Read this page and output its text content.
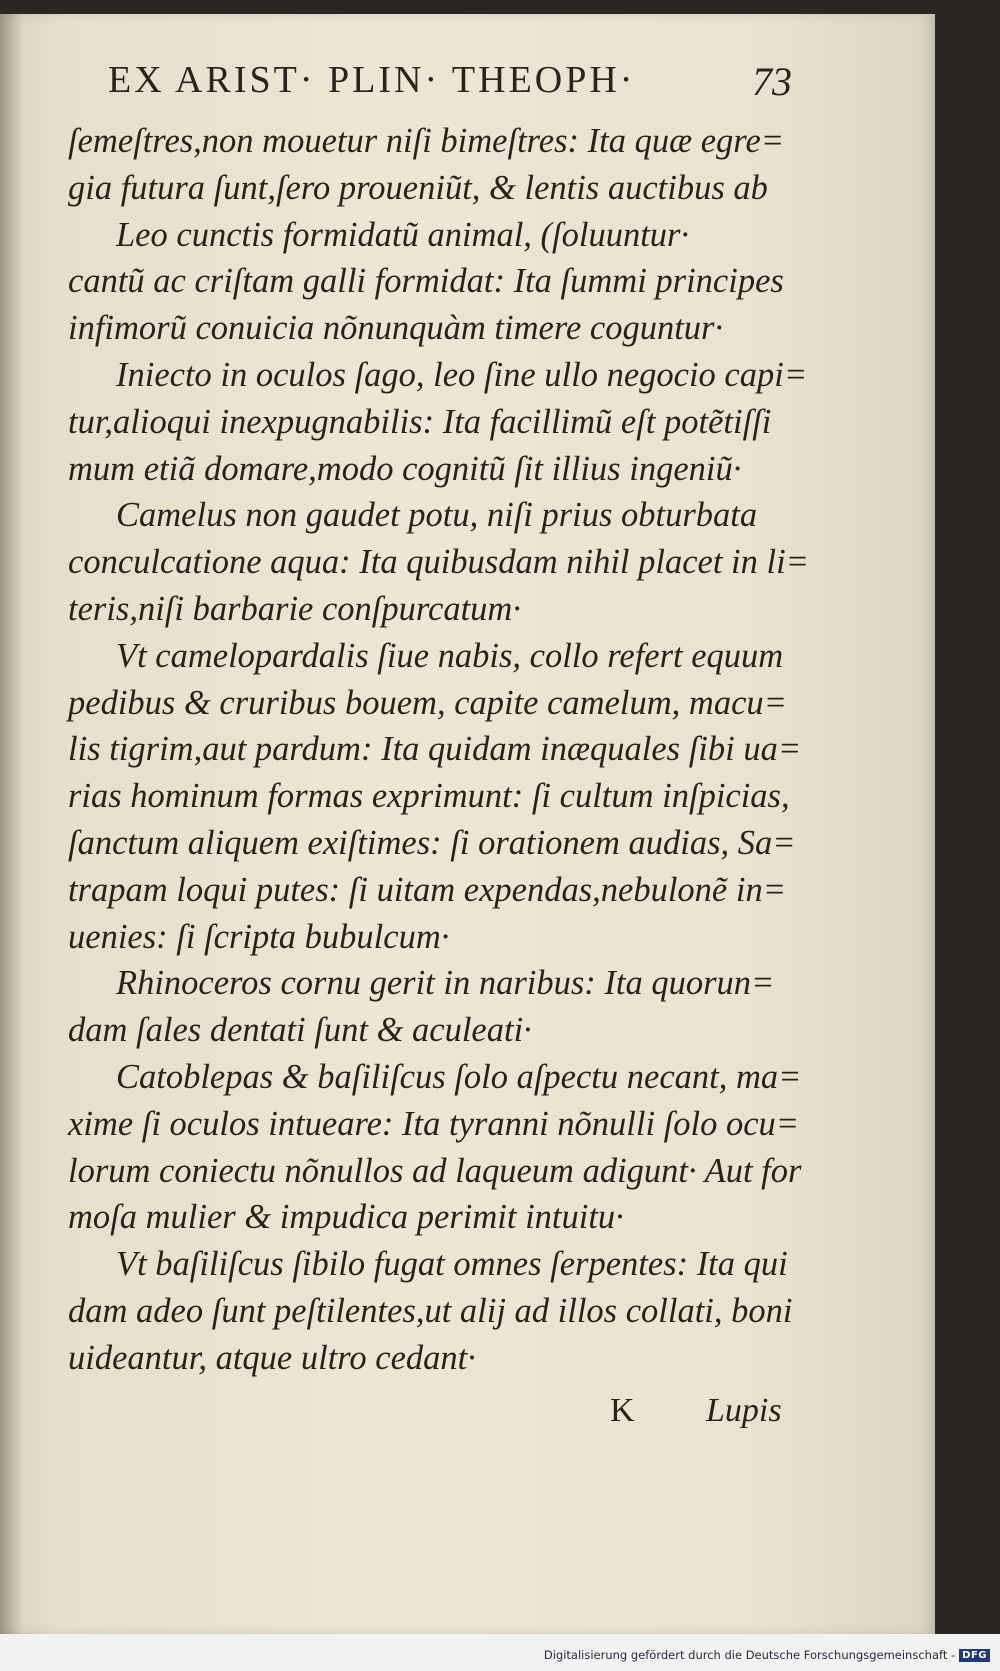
EX ARIST· PLIN· THEOPH·	73
ſemeſtres,non mouetur niſi bimeſtres: Ita quæ egre=
gia futura ſunt,ſero proueniũt, & lentis auctibus ab
Leo cunctis formidatũ animal, (ſoluuntur·
cantũ ac criſtam galli formidat: Ita ſummi principes
infimorũ conuicia nõnunquàm timere coguntur·
Iniecto in oculos ſago, leo ſine ullo negocio capi=
tur,alioqui inexpugnabilis: Ita facillimũ eſt potẽtiſſi
mum etiã domare,modo cognitũ ſit illius ingeniũ·
Camelus non gaudet potu, niſi prius obturbata
conculcatione aqua: Ita quibusdam nihil placet in li=
teris,niſi barbarie conſpurcatum·
Vt camelopardalis ſiue nabis, collo refert equum
pedibus & cruribus bouem, capite camelum, macu=
lis tigrim,aut pardum: Ita quidam inæquales ſibi ua=
rias hominum formas exprimunt: ſi cultum inſpicias,
ſanctum aliquem exiſtimes: ſi orationem audias, Sa=
trapam loqui putes: ſi uitam expendas,nebulonẽ in=
uenies: ſi ſcripta bubulcum·
Rhinoceros cornu gerit in naribus: Ita quorun=
dam ſales dentati ſunt & aculeati·
Catoblepas & baſiliſcus ſolo aſpectu necant, ma=
xime ſi oculos intueare: Ita tyranni nõnulli ſolo ocu=
lorum coniectu nõnullos ad laqueum adigunt· Aut for
moſa mulier & impudica perimit intuitu·
Vt baſiliſcus ſibilo fugat omnes ſerpentes: Ita qui
dam adeo ſunt peſtilentes,ut alij ad illos collati, boni
uideantur, atque ultro cedant·
K Lupis
Digitalisierung gefördert durch die Deutsche Forschungsgemeinschaft - DFG
